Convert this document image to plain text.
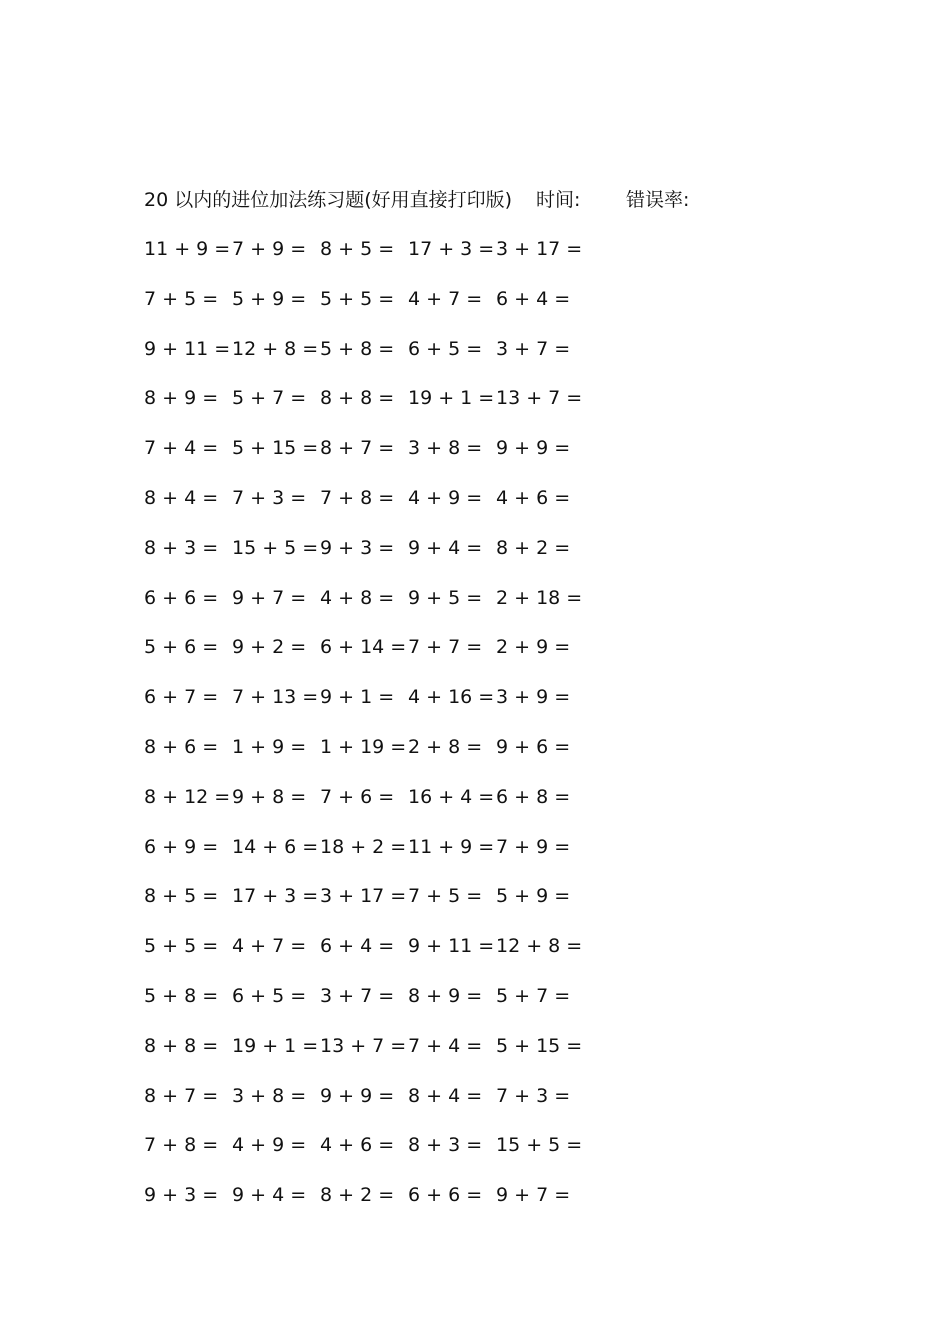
20 以内的进位加法练习题(好用直接打印版) 时间: 错误率:
11 + 9 = 7 + 9 = 8 + 5 = 17 + 3 = 3 + 17 =
7 + 5 = 5 + 9 = 5 + 5 = 4 + 7 = 6 + 4 =
9 + 11 = 12 + 8 = 5 + 8 = 6 + 5 = 3 + 7 =
8 + 9 = 5 + 7 = 8 + 8 = 19 + 1 = 13 + 7 =
7 + 4 = 5 + 15 = 8 + 7 = 3 + 8 = 9 + 9 =
8 + 4 = 7 + 3 = 7 + 8 = 4 + 9 = 4 + 6 =
8 + 3 = 15 + 5 = 9 + 3 = 9 + 4 = 8 + 2 =
6 + 6 = 9 + 7 = 4 + 8 = 9 + 5 = 2 + 18 =
5 + 6 = 9 + 2 = 6 + 14 = 7 + 7 = 2 + 9 =
6 + 7 = 7 + 13 = 9 + 1 = 4 + 16 = 3 + 9 =
8 + 6 = 1 + 9 = 1 + 19 = 2 + 8 = 9 + 6 =
8 + 12 = 9 + 8 = 7 + 6 = 16 + 4 = 6 + 8 =
6 + 9 = 14 + 6 = 18 + 2 = 11 + 9 = 7 + 9 =
8 + 5 = 17 + 3 = 3 + 17 = 7 + 5 = 5 + 9 =
5 + 5 = 4 + 7 = 6 + 4 = 9 + 11 = 12 + 8 =
5 + 8 = 6 + 5 = 3 + 7 = 8 + 9 = 5 + 7 =
8 + 8 = 19 + 1 = 13 + 7 = 7 + 4 = 5 + 15 =
8 + 7 = 3 + 8 = 9 + 9 = 8 + 4 = 7 + 3 =
7 + 8 = 4 + 9 = 4 + 6 = 8 + 3 = 15 + 5 =
9 + 3 = 9 + 4 = 8 + 2 = 6 + 6 = 9 + 7 =
